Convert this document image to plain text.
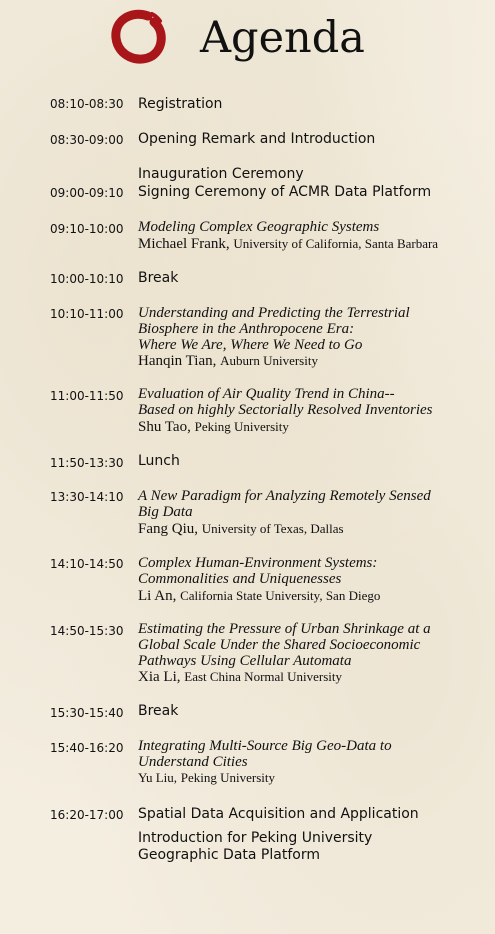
Agenda
08:10-08:30 Registration
08:30-09:00 Opening Remark and Introduction
09:00-09:10
Inauguration Ceremony
Signing Ceremony of ACMR Data Platform
09:10-10:00 Modeling Complex Geographic Systems
Michael Frank, University of California, Santa Barbara
10:00-10:10 Break
10:10-11:00 Understanding and Predicting the Terrestrial
Biosphere in the Anthropocene Era:
Where We Are, Where We Need to Go
Hanqin Tian, Auburn University
11:00-11:50 Evaluation of Air Quality Trend in China--
Based on highly Sectorially Resolved Inventories
Shu Tao, Peking University
11:50-13:30 Lunch
13:30-14:10 A New Paradigm for Analyzing Remotely Sensed
Big Data
Fang Qiu, University of Texas, Dallas
14:10-14:50 Complex Human-Environment Systems:
Commonalities and Uniquenesses
Li An, California State University, San Diego
14:50-15:30 Estimating the Pressure of Urban Shrinkage at a
Global Scale Under the Shared Socioeconomic
Pathways Using Cellular Automata
Xia Li, East China Normal University
15:30-15:40 Break
15:40-16:20 Integrating Multi-Source Big Geo-Data to
Understand Cities
Yu Liu, Peking University
16:20-17:00 Spatial Data Acquisition and Application
Introduction for Peking University
Geographic Data Platform
